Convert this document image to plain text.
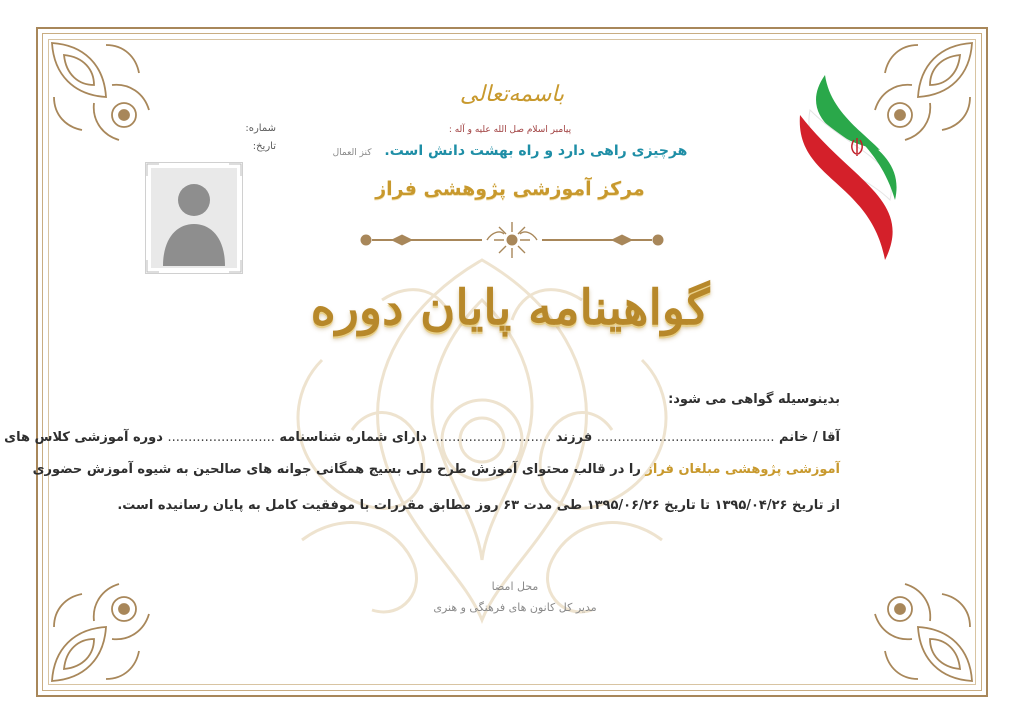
شماره:
تاریخ:
باسمه‌تعالی
پیامبر اسلام صل الله علیه و آله :
هرچیزی راهی دارد و راه بهشت دانش است. کنز العمال
مرکز آموزشی پژوهشی فراز
گواهینامه پایان دوره
بدینوسیله گواهی می شود:
آقا / خانم ........................................... فرزند ............................. دارای شماره شناسنامه .......................... دوره آموزشی کلاس های
آموزشی پژوهشی مبلغان فراز را در قالب محتوای آموزش طرح ملی بسیج همگانی جوانه های صالحین به شیوه آموزش حضوری
از تاریخ ۱۳۹۵/۰۴/۲۶ تا تاریخ ۱۳۹۵/۰۶/۲۶ طی مدت ۶۳ روز مطابق مقررات با موفقیت کامل به پایان رسانیده است.
محل امضا
مدیر کل کانون های فرهنگی و هنری
